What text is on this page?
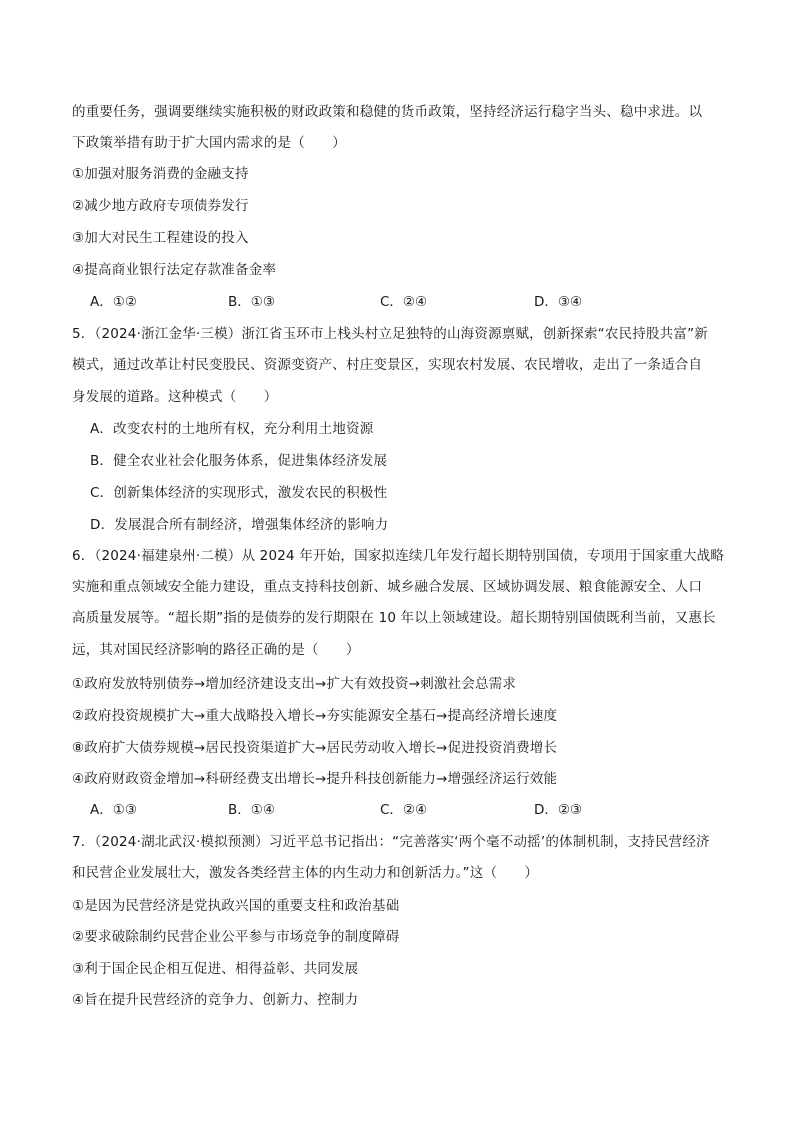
的重要任务，强调要继续实施积极的财政政策和稳健的货币政策，坚持经济运行稳字当头、稳中求进。以
下政策举措有助于扩大国内需求的是（　　）
①加强对服务消费的金融支持
②减少地方政府专项债券发行
③加大对民生工程建设的投入
④提高商业银行法定存款准备金率
A．①②	B．①③	C．②④	D．③④
5．（2024·浙江金华·三模）浙江省玉环市上栈头村立足独特的山海资源禀赋，创新探索“农民持股共富”新
模式，通过改革让村民变股民、资源变资产、村庄变景区，实现农村发展、农民增收，走出了一条适合自
身发展的道路。这种模式（　　）
A．改变农村的土地所有权，充分利用土地资源
B．健全农业社会化服务体系，促进集体经济发展
C．创新集体经济的实现形式，激发农民的积极性
D．发展混合所有制经济，增强集体经济的影响力
6．（2024·福建泉州·二模）从 2024 年开始，国家拟连续几年发行超长期特别国债，专项用于国家重大战略
实施和重点领域安全能力建设，重点支持科技创新、城乡融合发展、区域协调发展、粮食能源安全、人口
高质量发展等。“超长期”指的是债券的发行期限在 10 年以上领域建设。超长期特别国债既利当前，又惠长
远，其对国民经济影响的路径正确的是（　　）
①政府发放特别债券→增加经济建设支出→扩大有效投资→刺激社会总需求
②政府投资规模扩大→重大战略投入增长→夯实能源安全基石→提高经济增长速度
⑧政府扩大债券规模→居民投资渠道扩大→居民劳动收入增长→促进投资消费增长
④政府财政资金增加→科研经费支出增长→提升科技创新能力→增强经济运行效能
A．①③	B．①④	C．②④	D．②③
7．（2024·湖北武汉·模拟预测）习近平总书记指出：“完善落实‘两个毫不动摇’的体制机制，支持民营经济
和民营企业发展壮大，激发各类经营主体的内生动力和创新活力。”这（　　）
①是因为民营经济是党执政兴国的重要支柱和政治基础
②要求破除制约民营企业公平参与市场竞争的制度障碍
③利于国企民企相互促进、相得益彰、共同发展
④旨在提升民营经济的竞争力、创新力、控制力
